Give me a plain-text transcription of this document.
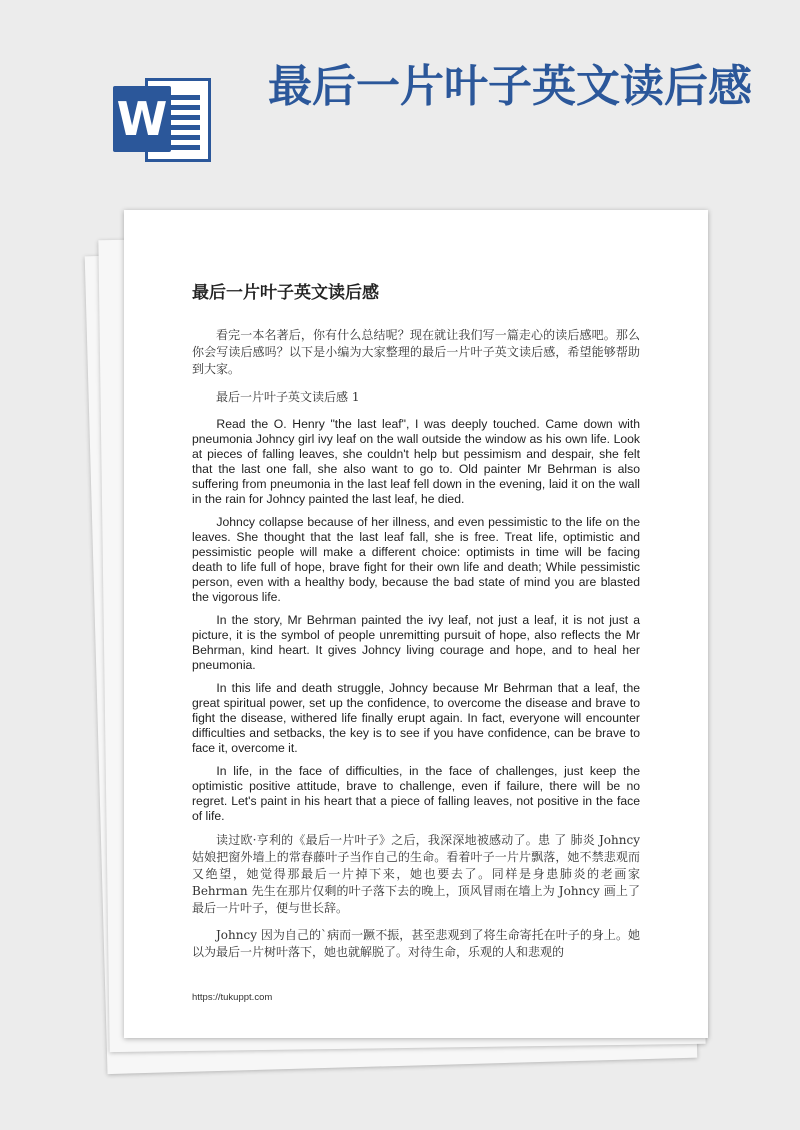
W
最后一片叶子英文读后感
最后一片叶子英文读后感

看完一本名著后，你有什么总结呢？现在就让我们写一篇走心的读后感吧。那么你会写读后感吗？以下是小编为大家整理的最后一片叶子英文读后感，希望能够帮助到大家。

最后一片叶子英文读后感 1

Read the O. Henry "the last leaf", I was deeply touched. Came down with pneumonia Johncy girl ivy leaf on the wall outside the window as his own life. Look at pieces of falling leaves, she couldn't help but pessimism and despair, she felt that the last one fall, she also want to go to. Old painter Mr Behrman is also suffering from pneumonia in the last leaf fell down in the evening, laid it on the wall in the rain for Johncy painted the last leaf, he died.

Johncy collapse because of her illness, and even pessimistic to the life on the leaves. She thought that the last leaf fall, she is free. Treat life, optimistic and pessimistic people will make a different choice: optimists in time will be facing death to life full of hope, brave fight for their own life and death; While pessimistic person, even with a healthy body, because the bad state of mind you are blasted the vigorous life.

In the story, Mr Behrman painted the ivy leaf, not just a leaf, it is not just a picture, it is the symbol of people unremitting pursuit of hope, also reflects the Mr Behrman, kind heart. It gives Johncy living courage and hope, and to heal her pneumonia.

In this life and death struggle, Johncy because Mr Behrman that a leaf, the great spiritual power, set up the confidence, to overcome the disease and brave to fight the disease, withered life finally erupt again. In fact, everyone will encounter difficulties and setbacks, the key is to see if you have confidence, can be brave to face it, overcome it.

In life, in the face of difficulties, in the face of challenges, just keep the optimistic positive attitude, brave to challenge, even if failure, there will be no regret. Let's paint in his heart that a piece of falling leaves, not positive in the face of life.

读过欧·亨利的《最后一片叶子》之后，我深深地被感动了。患 了 肺炎 Johncy 姑娘把窗外墙上的常春藤叶子当作自己的生命。看着叶子一片片飘落，她不禁悲观而又绝望，她觉得那最后一片掉下来，她也要去了。同样是身患肺炎的老画家 Behrman 先生在那片仅剩的叶子落下去的晚上，顶风冒雨在墙上为 Johncy 画上了最后一片叶子，便与世长辞。

Johncy 因为自己的`病而一蹶不振，甚至悲观到了将生命寄托在叶子的身上。她以为最后一片树叶落下，她也就解脱了。对待生命，乐观的人和悲观的

https://tukuppt.com
